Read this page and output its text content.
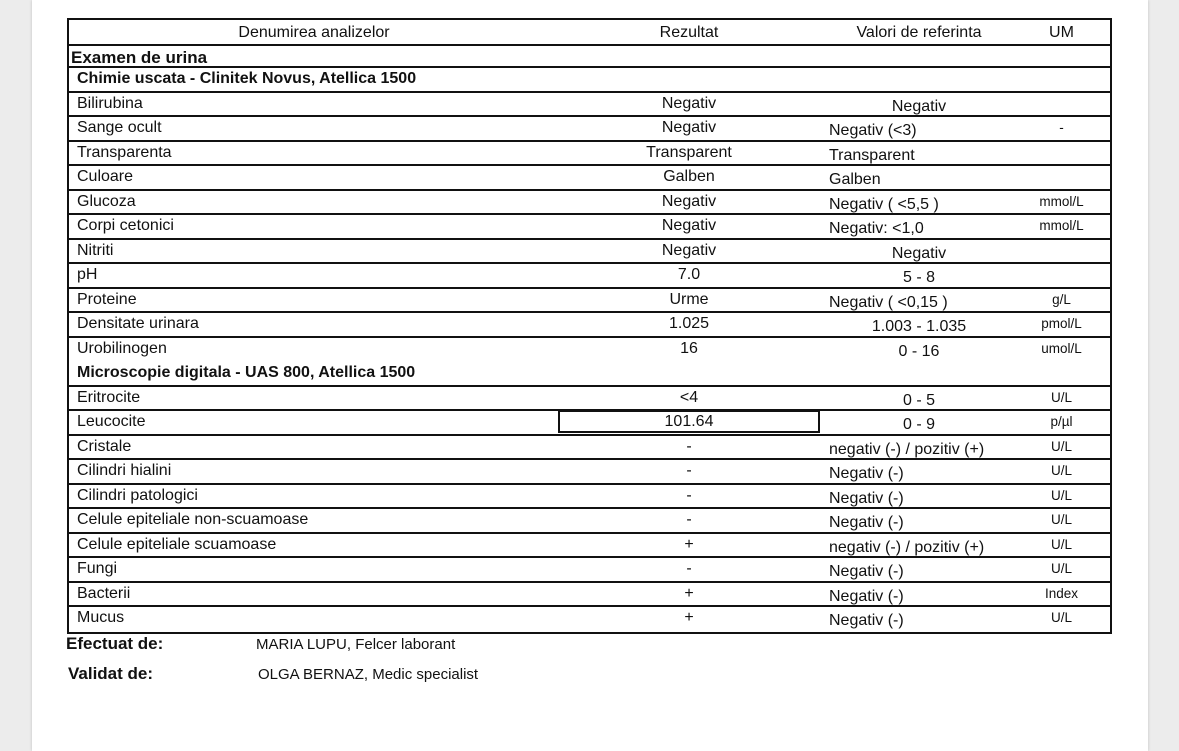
Denumirea analizelor	Rezultat	Valori de referinta	UM
Examen de urina
Chimie uscata - Clinitek Novus, Atellica 1500
Bilirubina	Negativ	Negativ
Sange ocult	Negativ	Negativ (<3)	-
Transparenta	Transparent	Transparent
Culoare	Galben	Galben
Glucoza	Negativ	Negativ ( <5,5 )	mmol/L
Corpi cetonici	Negativ	Negativ: <1,0	mmol/L
Nitriti	Negativ	Negativ
pH	7.0	5 - 8
Proteine	Urme	Negativ ( <0,15 )	g/L
Densitate urinara	1.025	1.003 - 1.035	pmol/L
Urobilinogen	16	0 - 16	umol/L
Microscopie digitala - UAS 800, Atellica 1500
Eritrocite	<4	0 - 5	U/L
Leucocite	101.64	0 - 9	p/µl
Cristale	-	negativ (-) / pozitiv (+)	U/L
Cilindri hialini	-	Negativ (-)	U/L
Cilindri patologici	-	Negativ (-)	U/L
Celule epiteliale non-scuamoase	-	Negativ (-)	U/L
Celule epiteliale scuamoase	+	negativ (-) / pozitiv (+)	U/L
Fungi	-	Negativ (-)	U/L
Bacterii	+	Negativ (-)	Index
Mucus	+	Negativ (-)	U/L
Efectuat de:	MARIA LUPU, Felcer laborant
Validat de:	OLGA BERNAZ, Medic specialist
